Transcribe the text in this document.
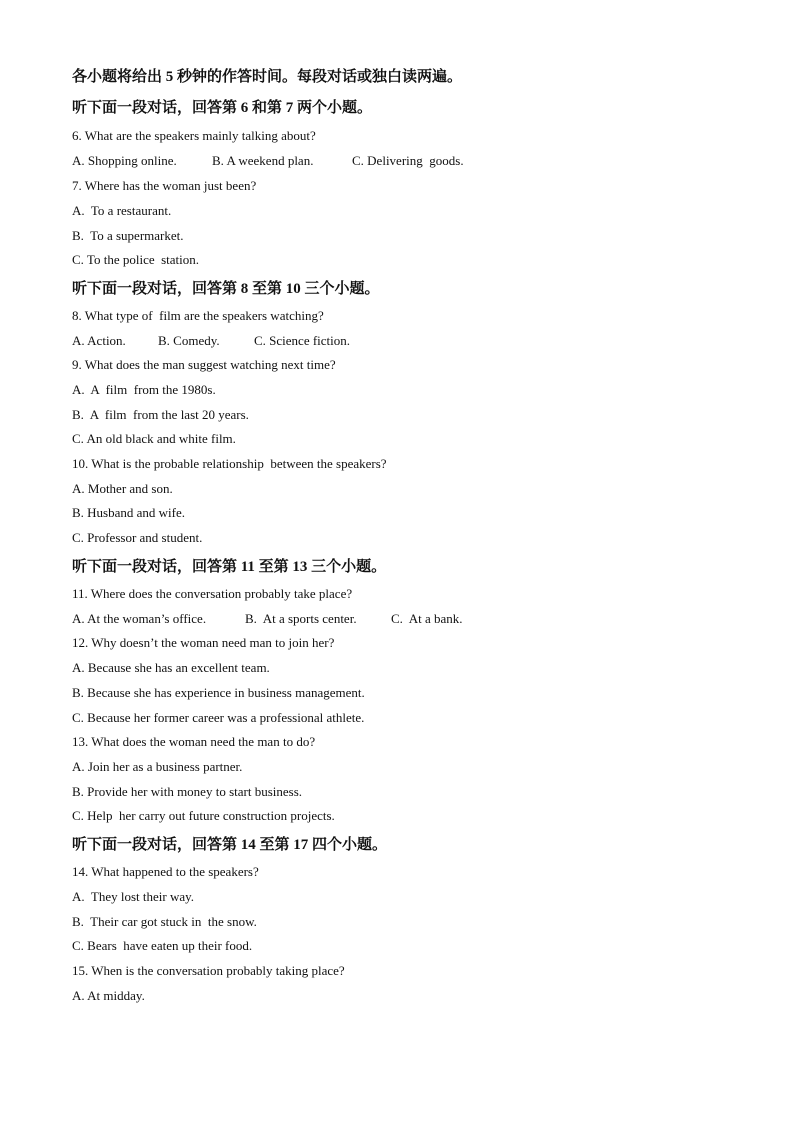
各小题将给出 5 秒钟的作答时间。每段对话或独白读两遍。
听下面一段对话，回答第 6 和第 7 两个小题。
6. What are the speakers mainly talking about?
A. Shopping online.	B. A weekend plan.	C. Delivering  goods.
7. Where has the woman just been?
A.  To a restaurant.
B.  To a supermarket.
C. To the police  station.
听下面一段对话，回答第 8 至第 10 三个小题。
8. What type of  film are the speakers watching?
A. Action. B. Comedy.	C. Science fiction.
9. What does the man suggest watching next time?
A.  A  film  from the 1980s.
B.  A  film  from the last 20 years.
C. An old black and white film.
10. What is the probable relationship  between the speakers?
A. Mother and son.
B. Husband and wife.
C. Professor and student.
听下面一段对话，回答第 11 至第 13 三个小题。
11. Where does the conversation probably take place?
A. At the woman’s office.	B.  At a sports center.	C.  At a bank.
12. Why doesn’t the woman need man to join her?
A. Because she has an excellent team.
B. Because she has experience in business management.
C. Because her former career was a professional athlete.
13. What does the woman need the man to do?
A. Join her as a business partner.
B. Provide her with money to start business.
C. Help  her carry out future construction projects.
听下面一段对话，回答第 14 至第 17 四个小题。
14. What happened to the speakers?
A.  They lost their way.
B.  Their car got stuck in  the snow.
C. Bears  have eaten up their food.
15. When is the conversation probably taking place?
A. At midday.
